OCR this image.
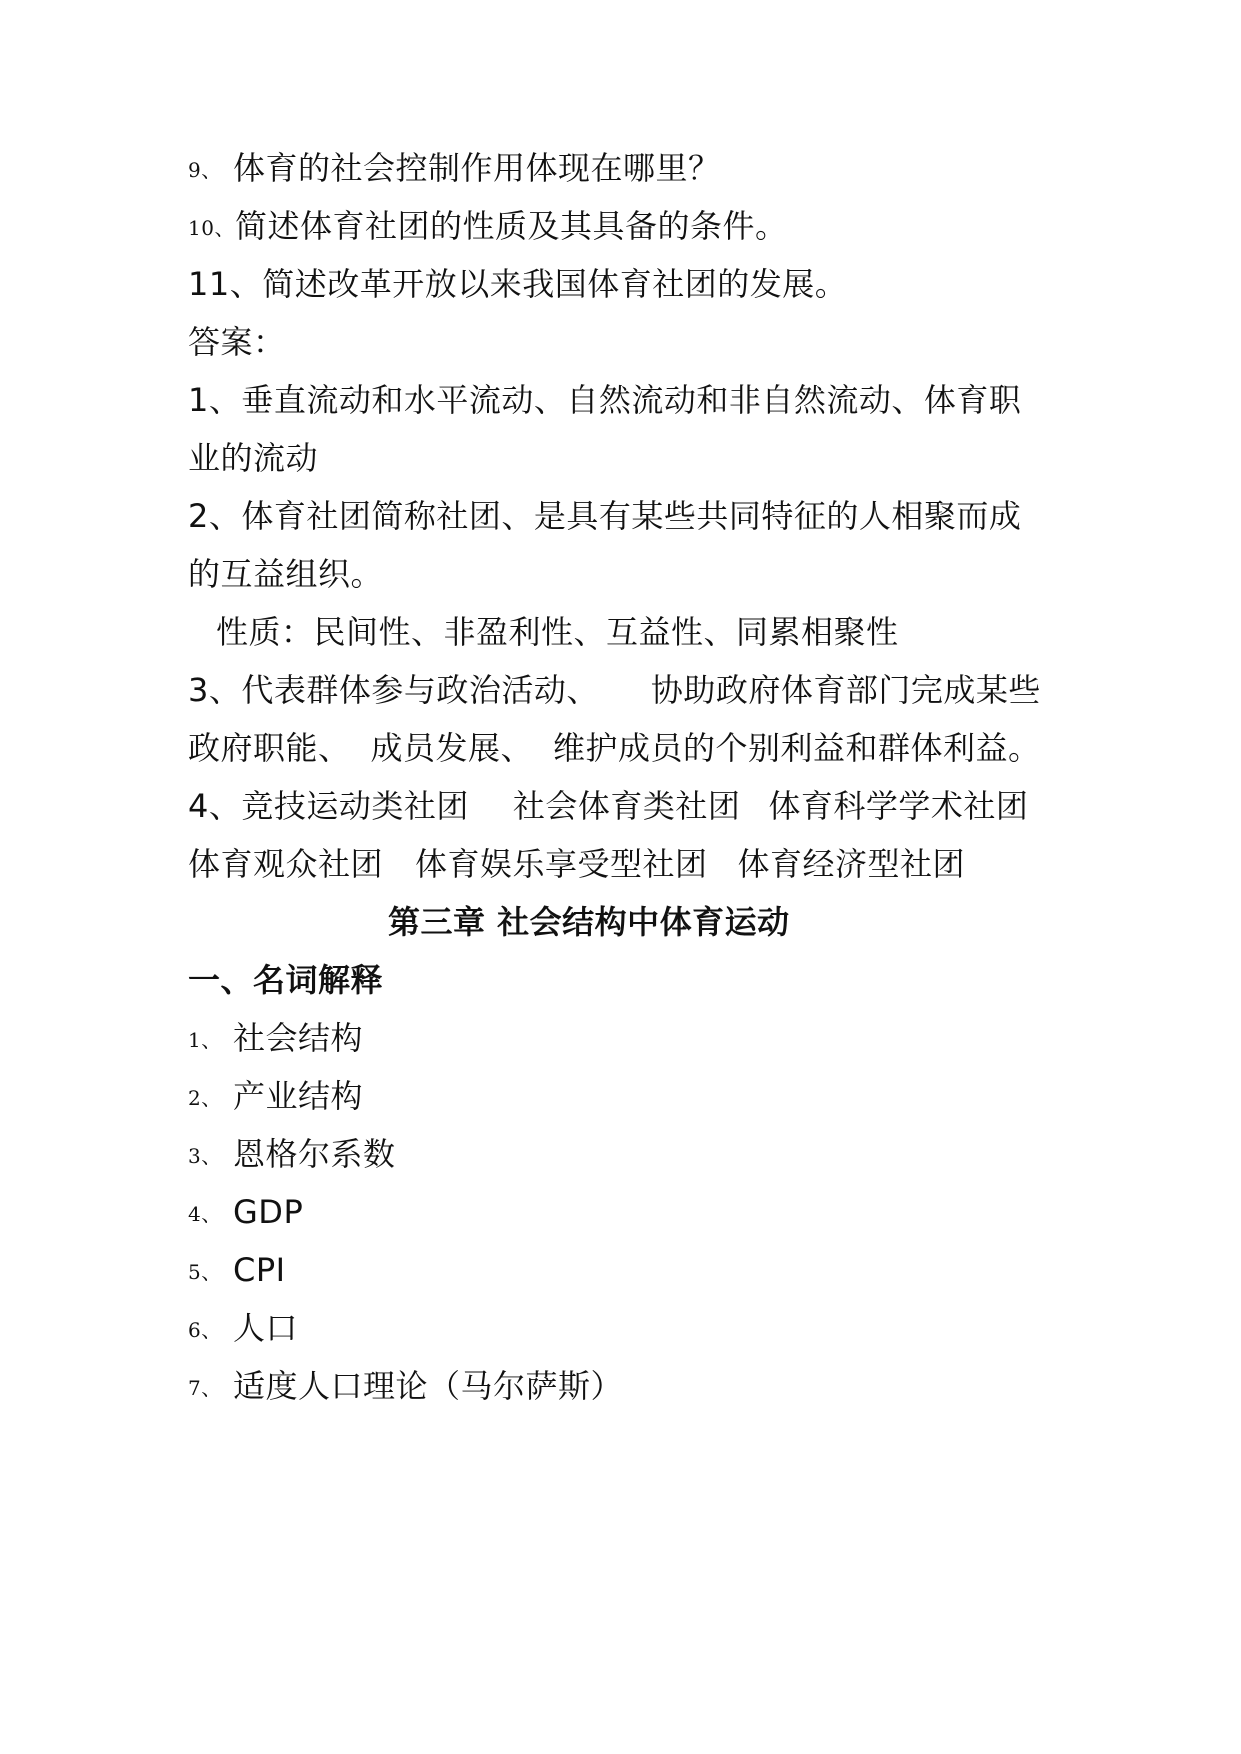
9、 体育的社会控制作用体现在哪里？
10、简述体育社团的性质及其具备的条件。
11、简述改革开放以来我国体育社团的发展。
答案：
1、垂直流动和水平流动、自然流动和非自然流动、体育职
业的流动
2、体育社团简称社团、是具有某些共同特征的人相聚而成
的互益组织。
性质：民间性、非盈利性、互益性、同累相聚性
3、代表群体参与政治活动、 协助政府体育部门完成某些
政府职能、 成员发展、 维护成员的个别利益和群体利益。
4、竞技运动类社团 社会体育类社团 体育科学学术社团
体育观众社团 体育娱乐享受型社团 体育经济型社团
第三章 社会结构中体育运动
一、名词解释
1、 社会结构
2、 产业结构
3、 恩格尔系数
4、 GDP
5、 CPI
6、 人口
7、 适度人口理论（马尔萨斯）
